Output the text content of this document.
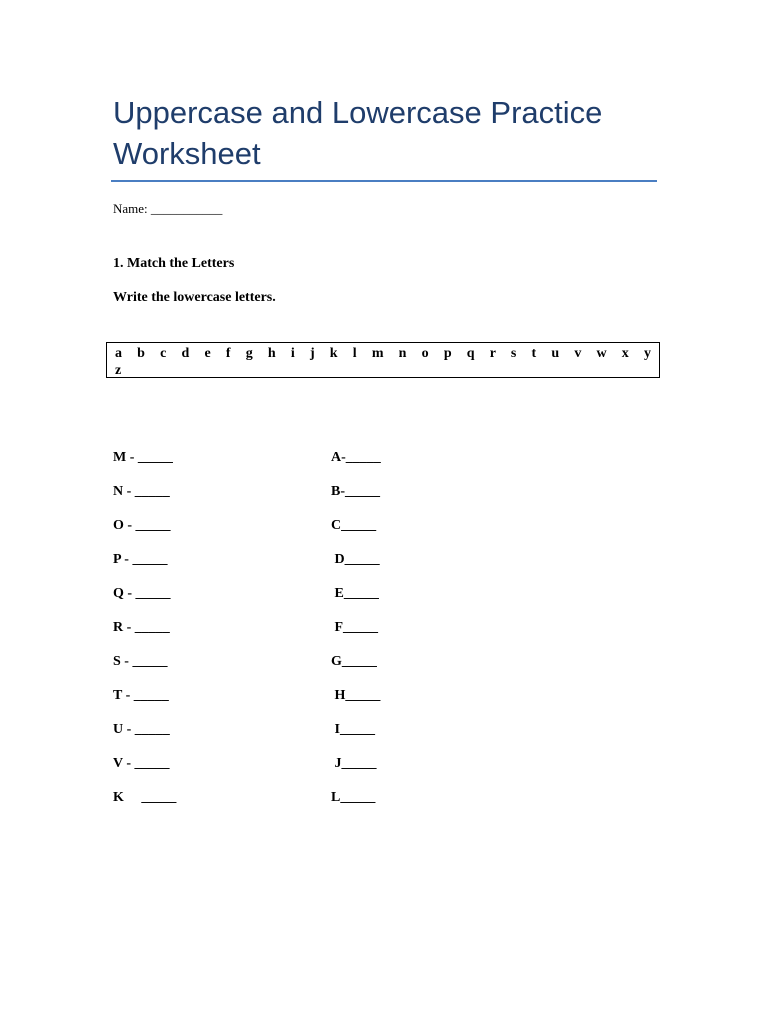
Uppercase and Lowercase Practice Worksheet
Name: ___________
1. Match the Letters
Write the lowercase letters.
a b c d e f g h i j k l m n o p q r s t u v w x y
z
M - _____	A-_____
N - _____	B-_____
O - _____	C_____
P - _____	D_____
Q - _____	E_____
R - _____	F_____
S - _____	G_____
T - _____	H_____
U - _____	I_____
V - _____	J_____
K     _____	L_____
